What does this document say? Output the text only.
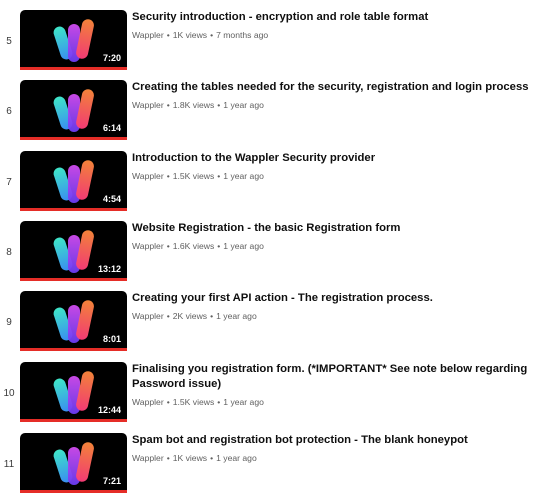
5
7:20
Security introduction - encryption and role table format
Wappler • 1K views • 7 months ago
6
6:14
Creating the tables needed for the security, registration and login process
Wappler • 1.8K views • 1 year ago
7
4:54
Introduction to the Wappler Security provider
Wappler • 1.5K views • 1 year ago
8
13:12
Website Registration - the basic Registration form
Wappler • 1.6K views • 1 year ago
9
8:01
Creating your first API action - The registration process.
Wappler • 2K views • 1 year ago
10
12:44
Finalising you registration form. (*IMPORTANT* See note below regarding Password issue)
Wappler • 1.5K views • 1 year ago
11
7:21
Spam bot and registration bot protection - The blank honeypot
Wappler • 1K views • 1 year ago
